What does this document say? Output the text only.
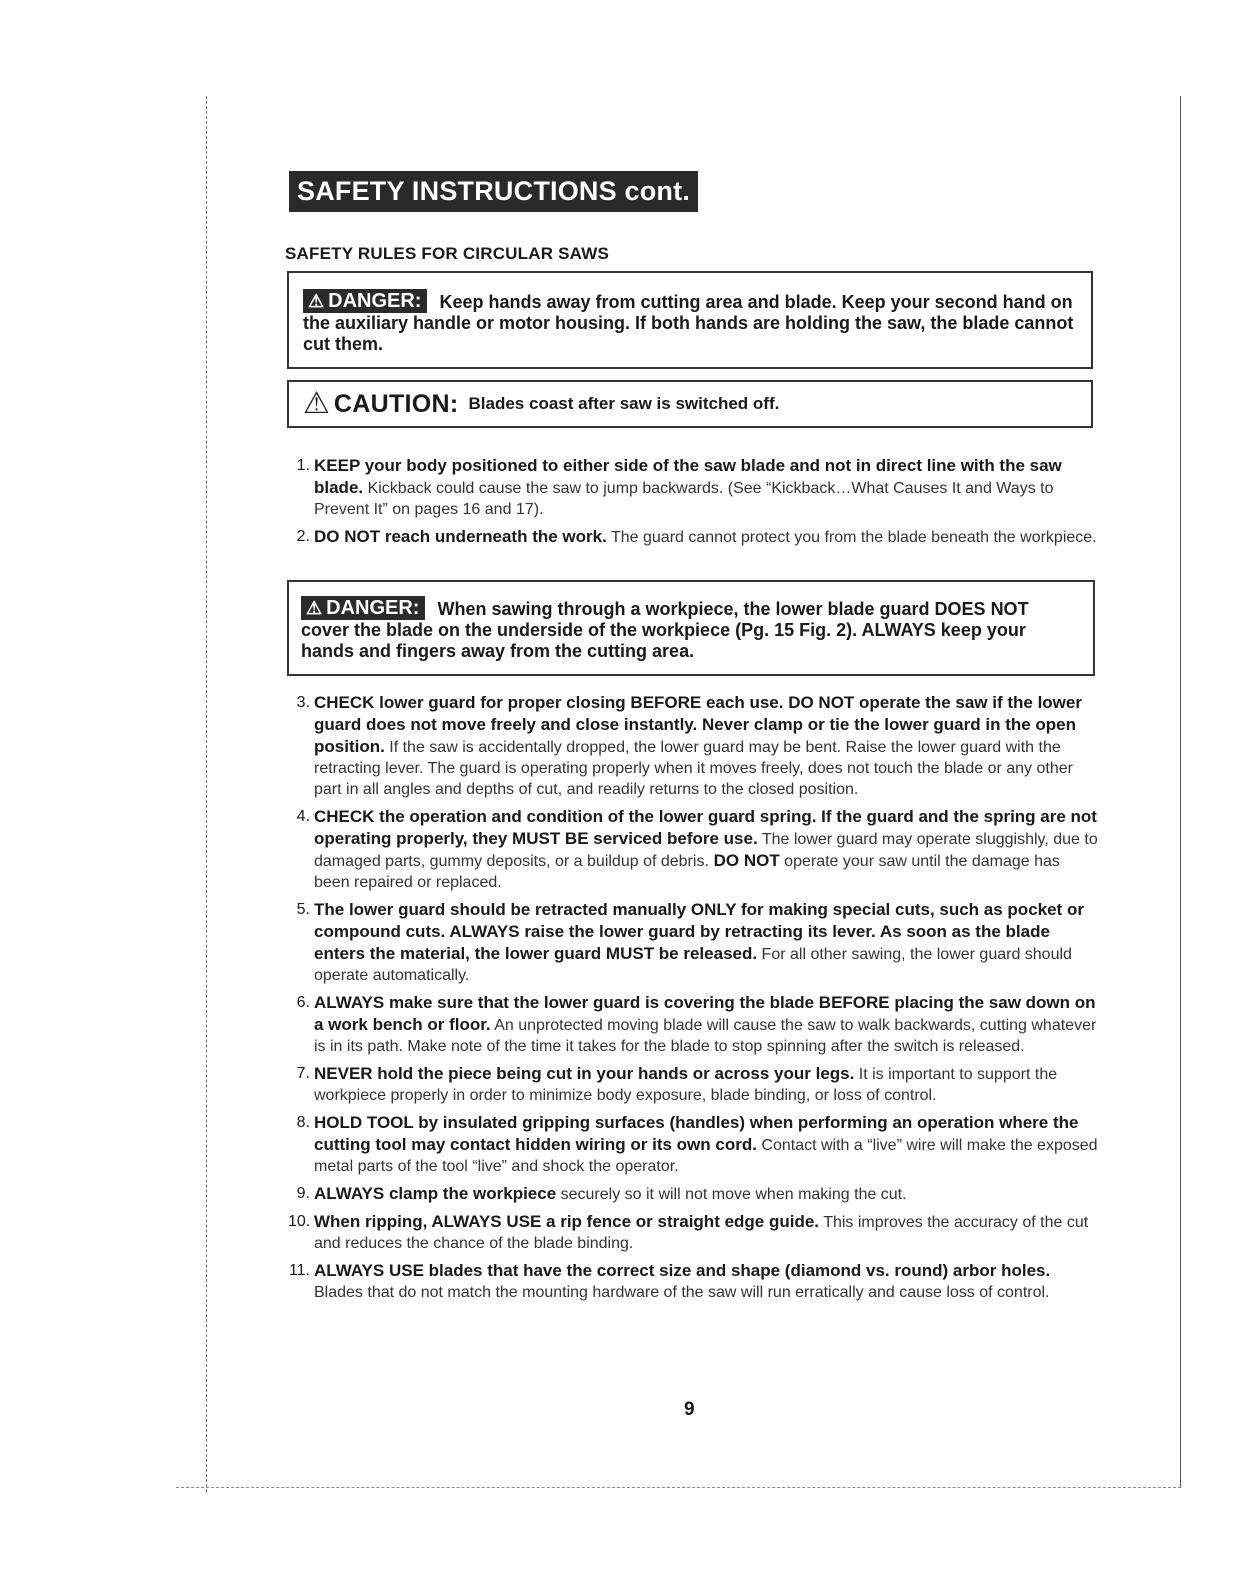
SAFETY INSTRUCTIONS cont.
SAFETY RULES FOR CIRCULAR SAWS
⚠ DANGER: Keep hands away from cutting area and blade. Keep your second hand on the auxiliary handle or motor housing. If both hands are holding the saw, the blade cannot cut them.
⚠ CAUTION: Blades coast after saw is switched off.
1. KEEP your body positioned to either side of the saw blade and not in direct line with the saw blade. Kickback could cause the saw to jump backwards. (See “Kickback…What Causes It and Ways to Prevent It” on pages 16 and 17).
2. DO NOT reach underneath the work. The guard cannot protect you from the blade beneath the workpiece.
⚠ DANGER: When sawing through a workpiece, the lower blade guard DOES NOT cover the blade on the underside of the workpiece (Pg. 15 Fig. 2). ALWAYS keep your hands and fingers away from the cutting area.
3. CHECK lower guard for proper closing BEFORE each use. DO NOT operate the saw if the lower guard does not move freely and close instantly. Never clamp or tie the lower guard in the open position. If the saw is accidentally dropped, the lower guard may be bent. Raise the lower guard with the retracting lever. The guard is operating properly when it moves freely, does not touch the blade or any other part in all angles and depths of cut, and readily returns to the closed position.
4. CHECK the operation and condition of the lower guard spring. If the guard and the spring are not operating properly, they MUST BE serviced before use. The lower guard may operate sluggishly, due to damaged parts, gummy deposits, or a buildup of debris. DO NOT operate your saw until the damage has been repaired or replaced.
5. The lower guard should be retracted manually ONLY for making special cuts, such as pocket or compound cuts. ALWAYS raise the lower guard by retracting its lever. As soon as the blade enters the material, the lower guard MUST be released. For all other sawing, the lower guard should operate automatically.
6. ALWAYS make sure that the lower guard is covering the blade BEFORE placing the saw down on a work bench or floor. An unprotected moving blade will cause the saw to walk backwards, cutting whatever is in its path. Make note of the time it takes for the blade to stop spinning after the switch is released.
7. NEVER hold the piece being cut in your hands or across your legs. It is important to support the workpiece properly in order to minimize body exposure, blade binding, or loss of control.
8. HOLD TOOL by insulated gripping surfaces (handles) when performing an operation where the cutting tool may contact hidden wiring or its own cord. Contact with a “live” wire will make the exposed metal parts of the tool “live” and shock the operator.
9. ALWAYS clamp the workpiece securely so it will not move when making the cut.
10. When ripping, ALWAYS USE a rip fence or straight edge guide. This improves the accuracy of the cut and reduces the chance of the blade binding.
11. ALWAYS USE blades that have the correct size and shape (diamond vs. round) arbor holes. Blades that do not match the mounting hardware of the saw will run erratically and cause loss of control.
9
